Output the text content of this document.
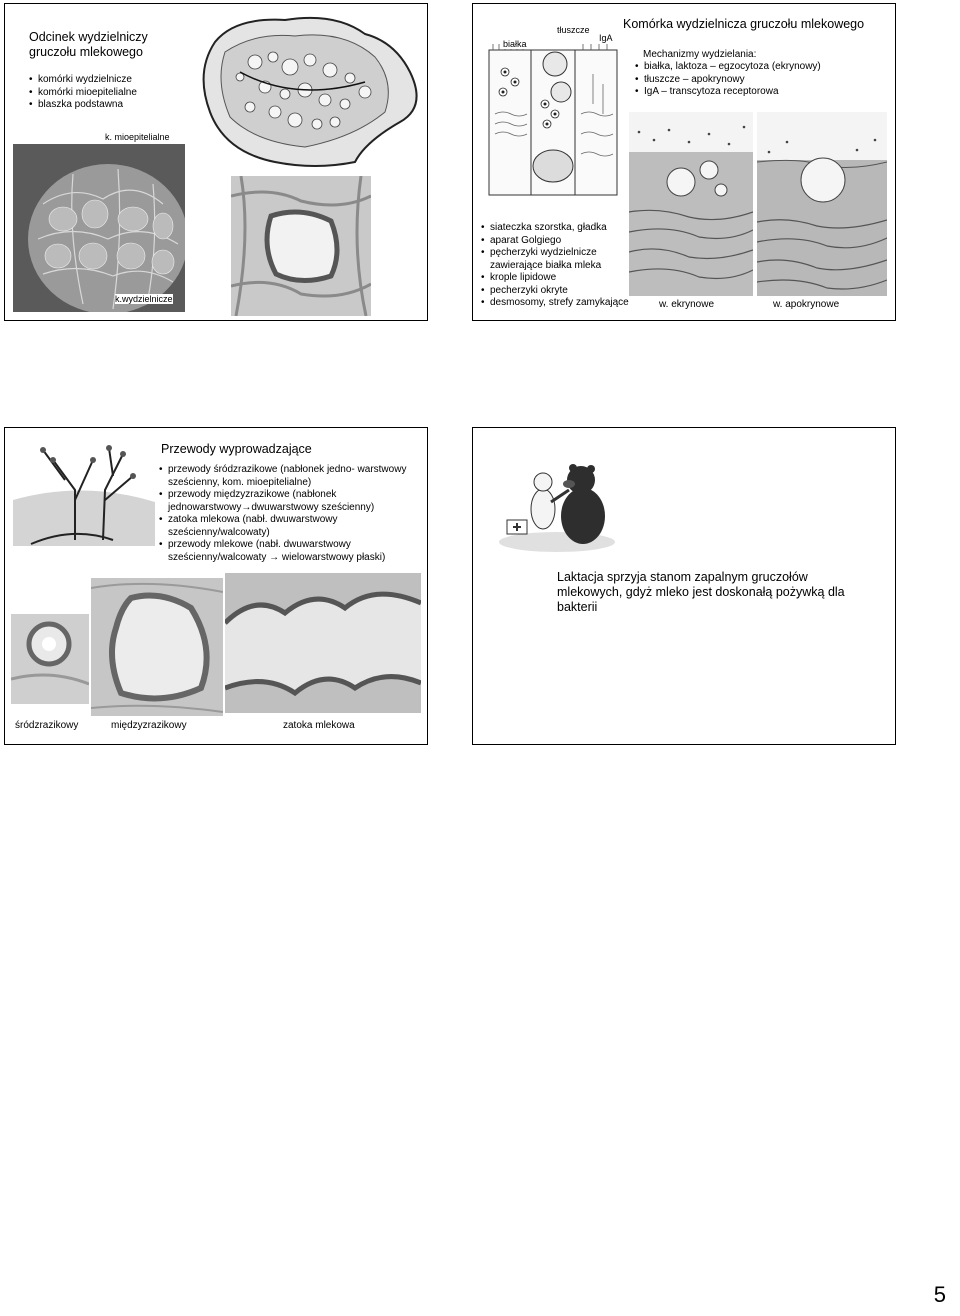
Odcinek wydzielniczy gruczołu mlekowego
• komórki wydzielnicze
• komórki mioepitelialne
• blaszka podstawna
k. mioepitelialne
k.wydzielnicze
białka
tłuszcze
IgA
Komórka wydzielnicza gruczołu mlekowego
Mechanizmy wydzielania:
• białka, laktoza – egzocytoza (ekrynowy)
• tłuszcze – apokrynowy
• IgA – transcytoza receptorowa
• siateczka szorstka, gładka
• aparat Golgiego
• pęcherzyki wydzielnicze zawierające białka mleka
• krople lipidowe
• pecherzyki okryte
• desmosomy, strefy zamykające	w. ekrynowe	w. apokrynowe
Przewody wyprowadzające
• przewody śródzrazikowe (nabłonek jedno- warstwowy sześcienny, kom. mioepitelialne)
• przewody międzyzrazikowe (nabłonek jednowarstwowy→dwuwarstwowy sześcienny)
• zatoka mlekowa (nabł. dwuwarstwowy sześcienny/walcowaty)
• przewody mlekowe (nabł. dwuwarstwowy sześcienny/walcowaty → wielowarstwowy płaski)
śródzrazikowy	międzyzrazikowy	zatoka mlekowa
Laktacja sprzyja stanom zapalnym gruczołów mlekowych, gdyż mleko jest doskonałą pożywką dla bakterii
5
